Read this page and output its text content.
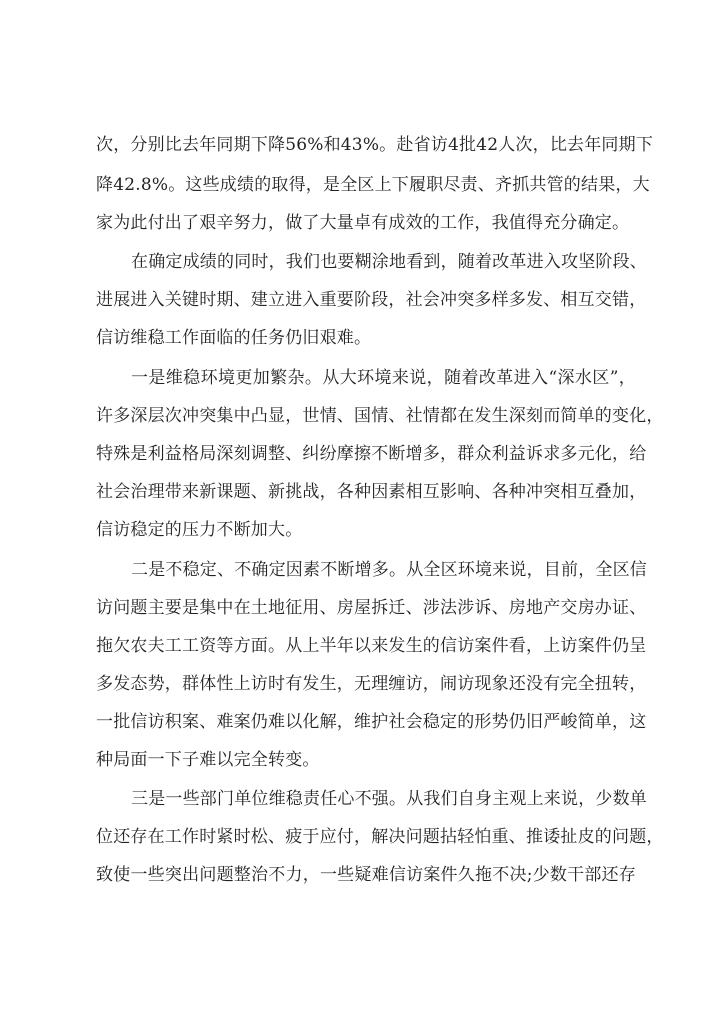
次，分别比去年同期下降56%和43%。赴省访4批42人次，比去年同期下
降42.8%。这些成绩的取得，是全区上下履职尽责、齐抓共管的结果，大
家为此付出了艰辛努力，做了大量卓有成效的工作，我值得充分确定。
在确定成绩的同时，我们也要糊涂地看到，随着改革进入攻坚阶段、
进展进入关键时期、建立进入重要阶段，社会冲突多样多发、相互交错，
信访维稳工作面临的任务仍旧艰难。
一是维稳环境更加繁杂。从大环境来说，随着改革进入“深水区”，
许多深层次冲突集中凸显，世情、国情、社情都在发生深刻而简单的变化，
特殊是利益格局深刻调整、纠纷摩擦不断增多，群众利益诉求多元化，给
社会治理带来新课题、新挑战，各种因素相互影响、各种冲突相互叠加，
信访稳定的压力不断加大。
二是不稳定、不确定因素不断增多。从全区环境来说，目前，全区信
访问题主要是集中在土地征用、房屋拆迁、涉法涉诉、房地产交房办证、
拖欠农夫工工资等方面。从上半年以来发生的信访案件看，上访案件仍呈
多发态势，群体性上访时有发生，无理缠访，闹访现象还没有完全扭转，
一批信访积案、难案仍难以化解，维护社会稳定的形势仍旧严峻简单，这
种局面一下子难以完全转变。
三是一些部门单位维稳责任心不强。从我们自身主观上来说，少数单
位还存在工作时紧时松、疲于应付，解决问题拈轻怕重、推诿扯皮的问题，
致使一些突出问题整治不力，一些疑难信访案件久拖不决;少数干部还存
